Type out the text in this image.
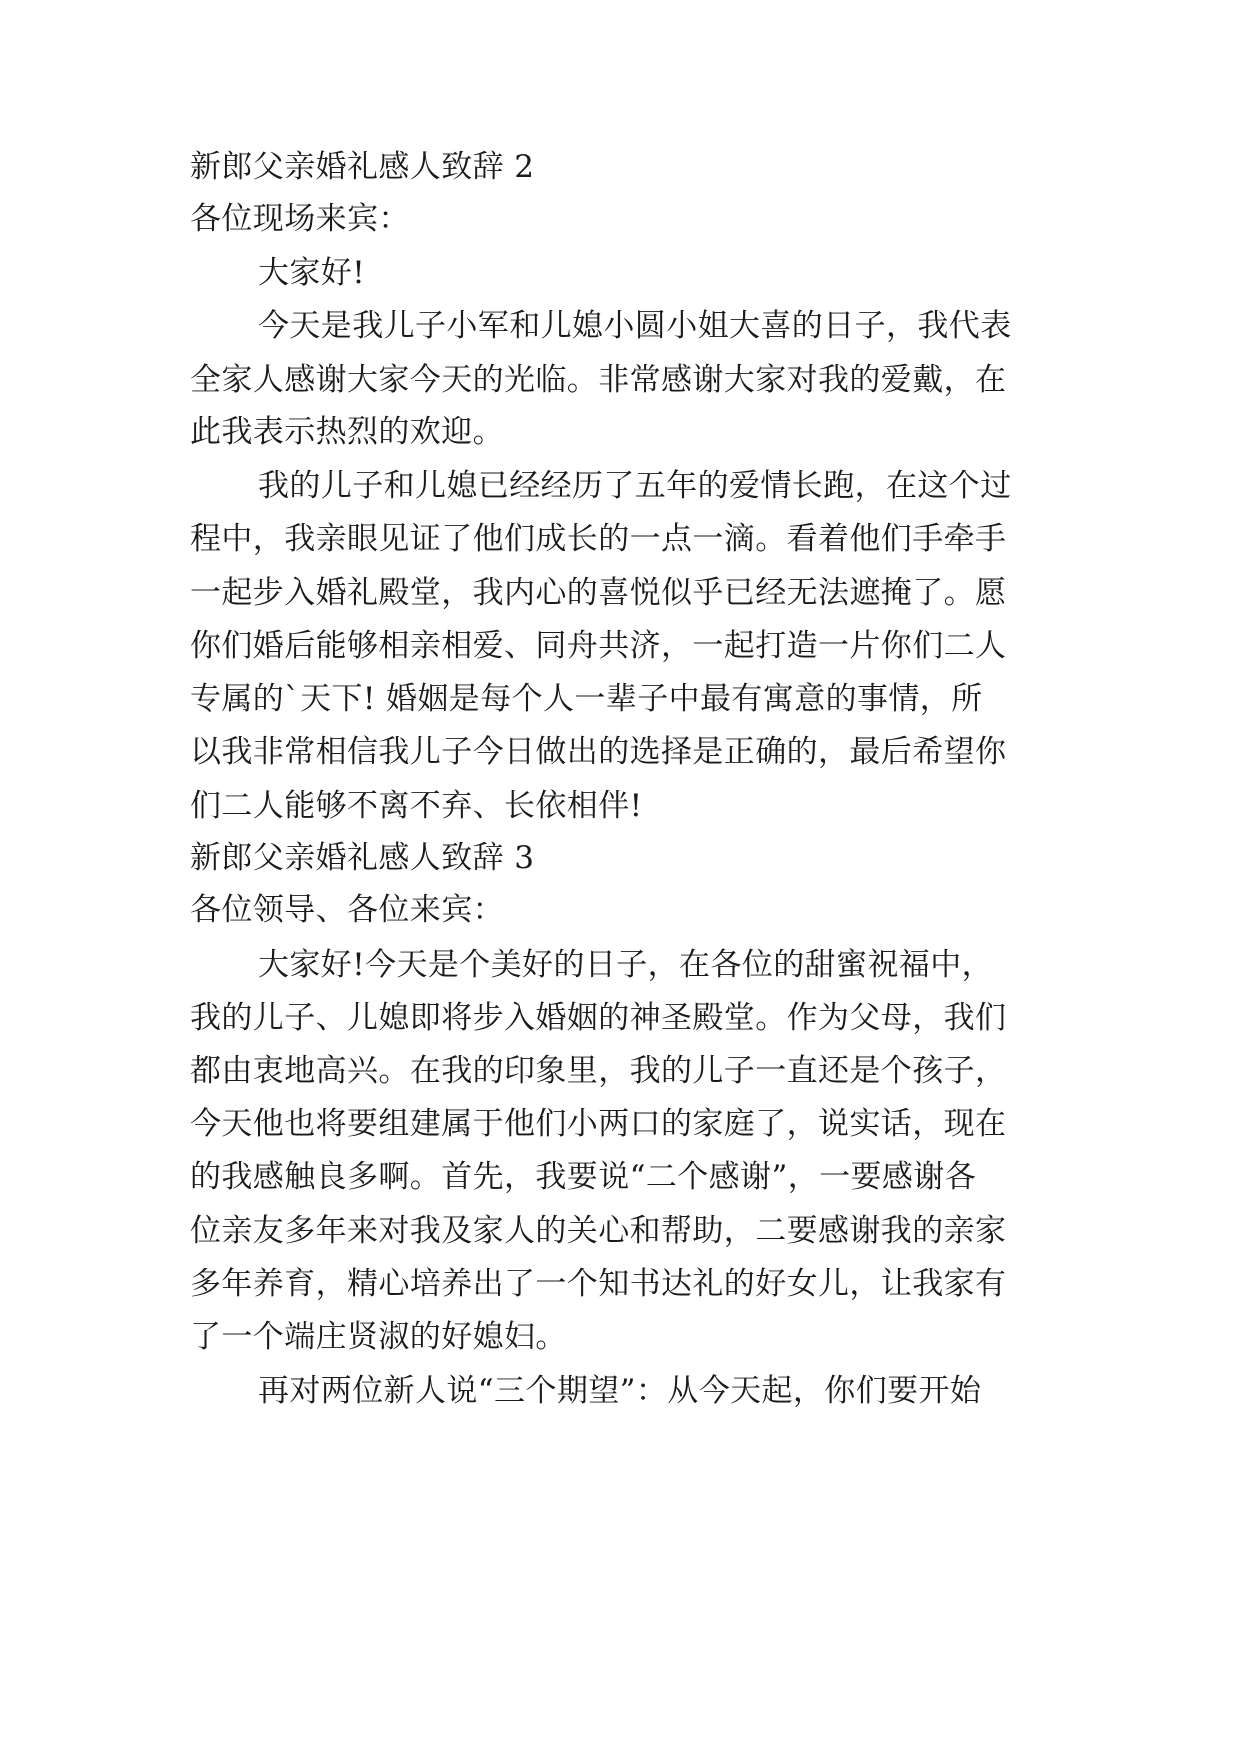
新郎父亲婚礼感人致辞 2
各位现场来宾：
大家好!
今天是我儿子小军和儿媳小圆小姐大喜的日子，我代表
全家人感谢大家今天的光临。非常感谢大家对我的爱戴，在
此我表示热烈的欢迎。
我的儿子和儿媳已经经历了五年的爱情长跑，在这个过
程中，我亲眼见证了他们成长的一点一滴。看着他们手牵手
一起步入婚礼殿堂，我内心的喜悦似乎已经无法遮掩了。愿
你们婚后能够相亲相爱、同舟共济，一起打造一片你们二人
专属的`天下! 婚姻是每个人一辈子中最有寓意的事情，所
以我非常相信我儿子今日做出的选择是正确的，最后希望你
们二人能够不离不弃、长依相伴!
新郎父亲婚礼感人致辞 3
各位领导、各位来宾：
大家好!今天是个美好的日子，在各位的甜蜜祝福中，
我的儿子、儿媳即将步入婚姻的神圣殿堂。作为父母，我们
都由衷地高兴。在我的印象里，我的儿子一直还是个孩子，
今天他也将要组建属于他们小两口的家庭了，说实话，现在
的我感触良多啊。首先，我要说“二个感谢”，一要感谢各
位亲友多年来对我及家人的关心和帮助，二要感谢我的亲家
多年养育，精心培养出了一个知书达礼的好女儿，让我家有
了一个端庄贤淑的好媳妇。
再对两位新人说“三个期望”：从今天起，你们要开始
